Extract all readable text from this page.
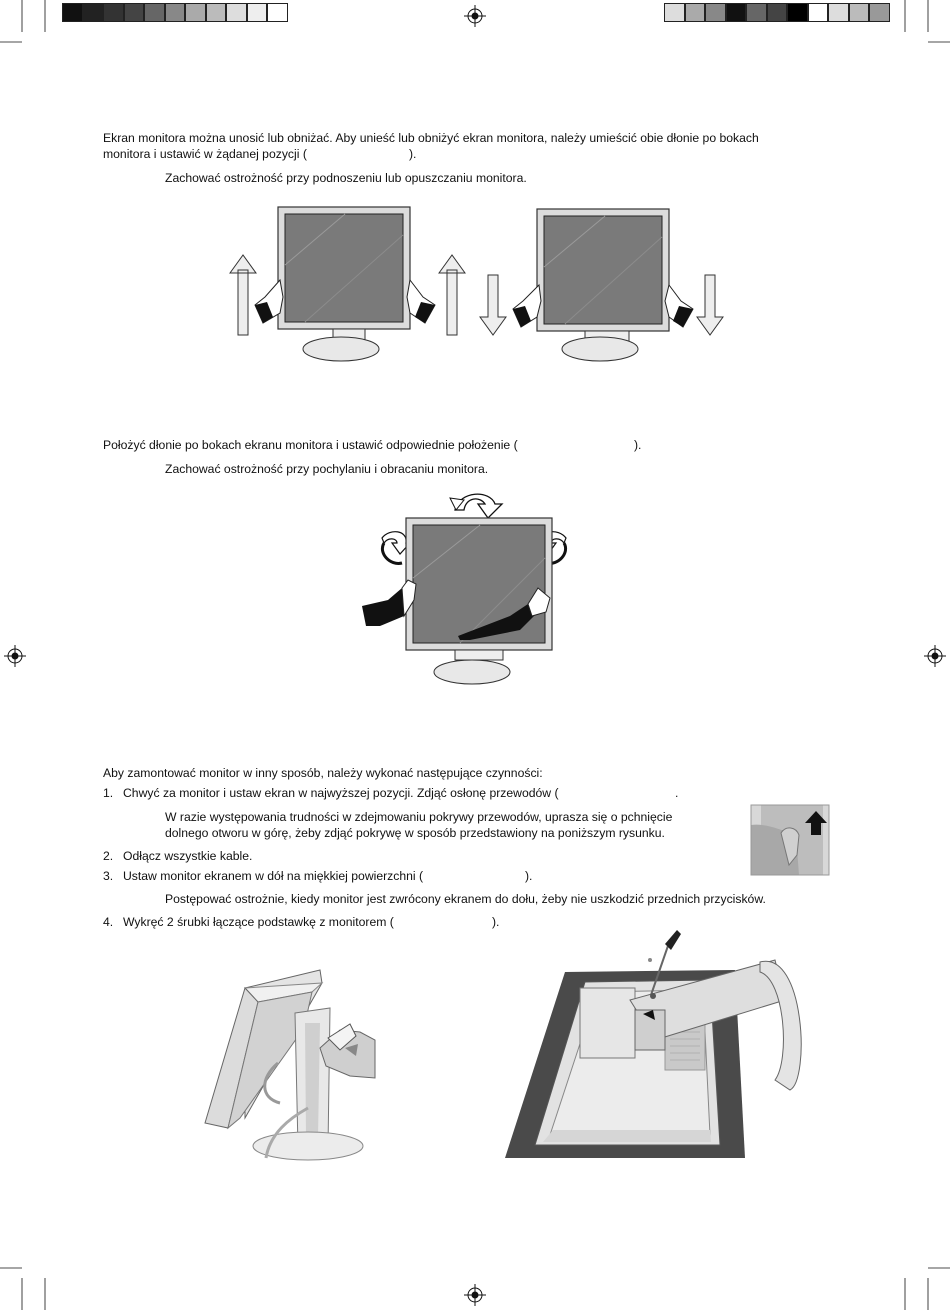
Ekran monitora można unosić lub obniżać. Aby unieść lub obniżyć ekran monitora, należy umieścić obie dłonie po bokach
monitora i ustawić w żądanej pozycji (	).
Zachować ostrożność przy podnoszeniu lub opuszczaniu monitora.
Położyć dłonie po bokach ekranu monitora i ustawić odpowiednie położenie (	).
Zachować ostrożność przy pochylaniu i obracaniu monitora.
Aby zamontować monitor w inny sposób, należy wykonać następujące czynności:
1. Chwyć za monitor i ustaw ekran w najwyższej pozycji. Zdjąć osłonę przewodów (	.
W razie występowania trudności w zdejmowaniu pokrywy przewodów, uprasza się o pchnięcie
dolnego otworu w górę, żeby zdjąć pokrywę w sposób przedstawiony na poniższym rysunku.
2. Odłącz wszystkie kable.
3. Ustaw monitor ekranem w dół na miękkiej powierzchni (	).
Postępować ostrożnie, kiedy monitor jest zwrócony ekranem do dołu, żeby nie uszkodzić przednich przycisków.
4. Wykręć 2 śrubki łączące podstawkę z monitorem (	).
